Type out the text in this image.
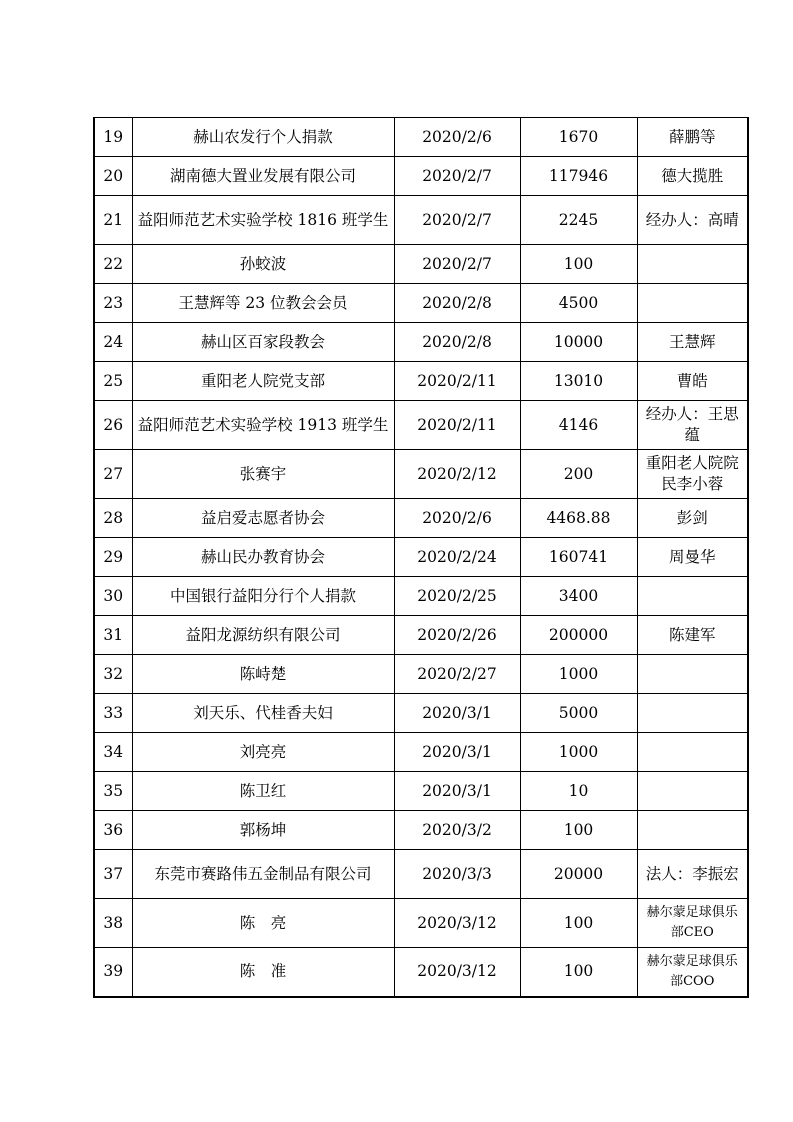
19	赫山农发行个人捐款	2020/2/6	1670	薛鹏等
20	湖南德大置业发展有限公司	2020/2/7	117946	德大揽胜
21	益阳师范艺术实验学校 1816 班学生	2020/2/7	2245	经办人：高晴
22	孙蛟波	2020/2/7	100	
23	王慧辉等 23 位教会会员	2020/2/8	4500	
24	赫山区百家段教会	2020/2/8	10000	王慧辉
25	重阳老人院党支部	2020/2/11	13010	曹皓
26	益阳师范艺术实验学校 1913 班学生	2020/2/11	4146	经办人：王思蕴
27	张赛宇	2020/2/12	200	重阳老人院院民李小蓉
28	益启爱志愿者协会	2020/2/6	4468.88	彭剑
29	赫山民办教育协会	2020/2/24	160741	周曼华
30	中国银行益阳分行个人捐款	2020/2/25	3400	
31	益阳龙源纺织有限公司	2020/2/26	200000	陈建军
32	陈峙楚	2020/2/27	1000	
33	刘天乐、代桂香夫妇	2020/3/1	5000	
34	刘亮亮	2020/3/1	1000	
35	陈卫红	2020/3/1	10	
36	郭杨坤	2020/3/2	100	
37	东莞市赛路伟五金制品有限公司	2020/3/3	20000	法人：李振宏
38	陈　亮	2020/3/12	100	赫尔蒙足球俱乐部CEO
39	陈　准	2020/3/12	100	赫尔蒙足球俱乐部COO
